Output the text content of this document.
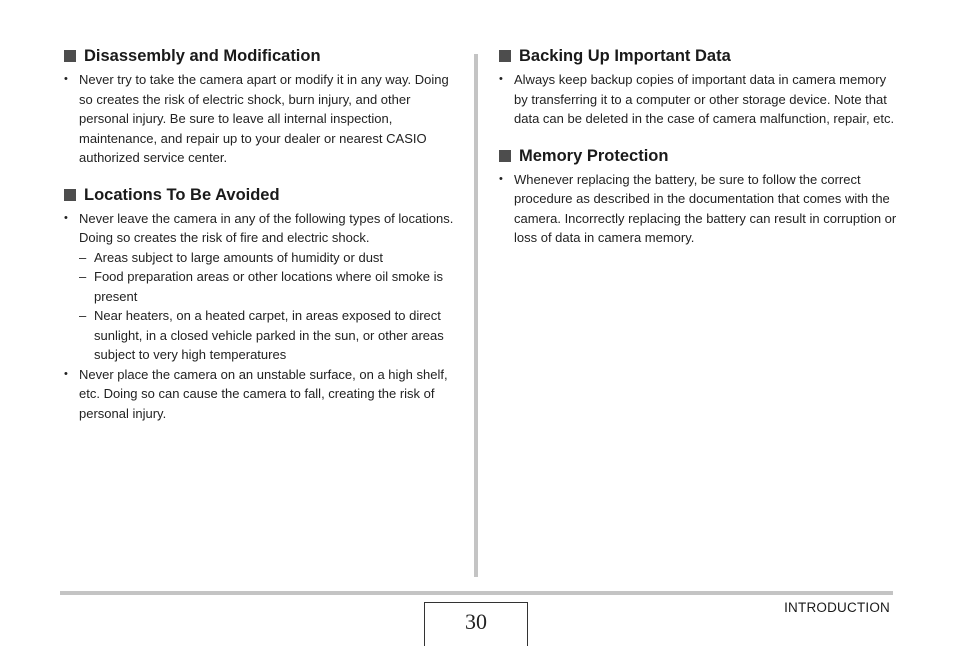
Disassembly and Modification
• Never try to take the camera apart or modify it in any way. Doing so creates the risk of electric shock, burn injury, and other personal injury. Be sure to leave all internal inspection, maintenance, and repair up to your dealer or nearest CASIO authorized service center.
Locations To Be Avoided
• Never leave the camera in any of the following types of locations. Doing so creates the risk of fire and electric shock.
– Areas subject to large amounts of humidity or dust
– Food preparation areas or other locations where oil smoke is present
– Near heaters, on a heated carpet, in areas exposed to direct sunlight, in a closed vehicle parked in the sun, or other areas subject to very high temperatures
• Never place the camera on an unstable surface, on a high shelf, etc. Doing so can cause the camera to fall, creating the risk of personal injury.
Backing Up Important Data
• Always keep backup copies of important data in camera memory by transferring it to a computer or other storage device. Note that data can be deleted in the case of camera malfunction, repair, etc.
Memory Protection
• Whenever replacing the battery, be sure to follow the correct procedure as described in the documentation that comes with the camera. Incorrectly replacing the battery can result in corruption or loss of data in camera memory.
INTRODUCTION
30
